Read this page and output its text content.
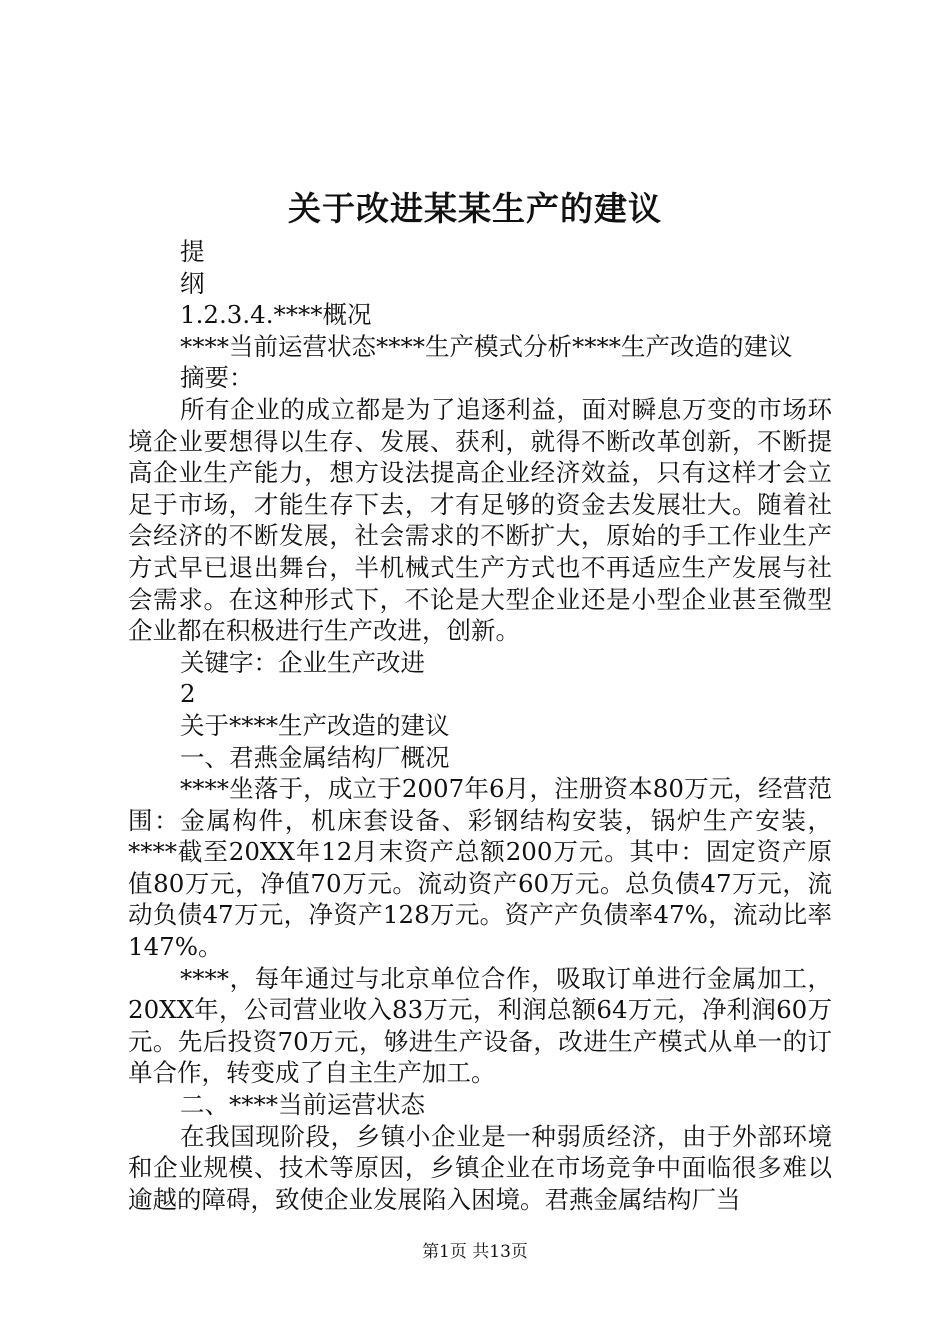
关于改进某某生产的建议
提
纲
1.2.3.4.****概况
****当前运营状态****生产模式分析****生产改造的建议
摘要：
所有企业的成立都是为了追逐利益，面对瞬息万变的市场环境企业要想得以生存、发展、获利，就得不断改革创新，不断提高企业生产能力，想方设法提高企业经济效益，只有这样才会立足于市场，才能生存下去，才有足够的资金去发展壮大。随着社会经济的不断发展，社会需求的不断扩大，原始的手工作业生产方式早已退出舞台，半机械式生产方式也不再适应生产发展与社会需求。在这种形式下，不论是大型企业还是小型企业甚至微型企业都在积极进行生产改进，创新。
关键字：企业生产改进
2
关于****生产改造的建议
一、君燕金属结构厂概况
****坐落于，成立于2007年6月，注册资本80万元，经营范围：金属构件，机床套设备、彩钢结构安装，锅炉生产安装，****截至20XX年12月末资产总额200万元。其中：固定资产原值80万元，净值70万元。流动资产60万元。总负债47万元，流动负债47万元，净资产128万元。资产产负债率47%，流动比率147%。
****，每年通过与北京单位合作，吸取订单进行金属加工，20XX年，公司营业收入83万元，利润总额64万元，净利润60万元。先后投资70万元，够进生产设备，改进生产模式从单一的订单合作，转变成了自主生产加工。
二、****当前运营状态
在我国现阶段，乡镇小企业是一种弱质经济，由于外部环境和企业规模、技术等原因，乡镇企业在市场竞争中面临很多难以逾越的障碍，致使企业发展陷入困境。君燕金属结构厂当
第1页 共13页
